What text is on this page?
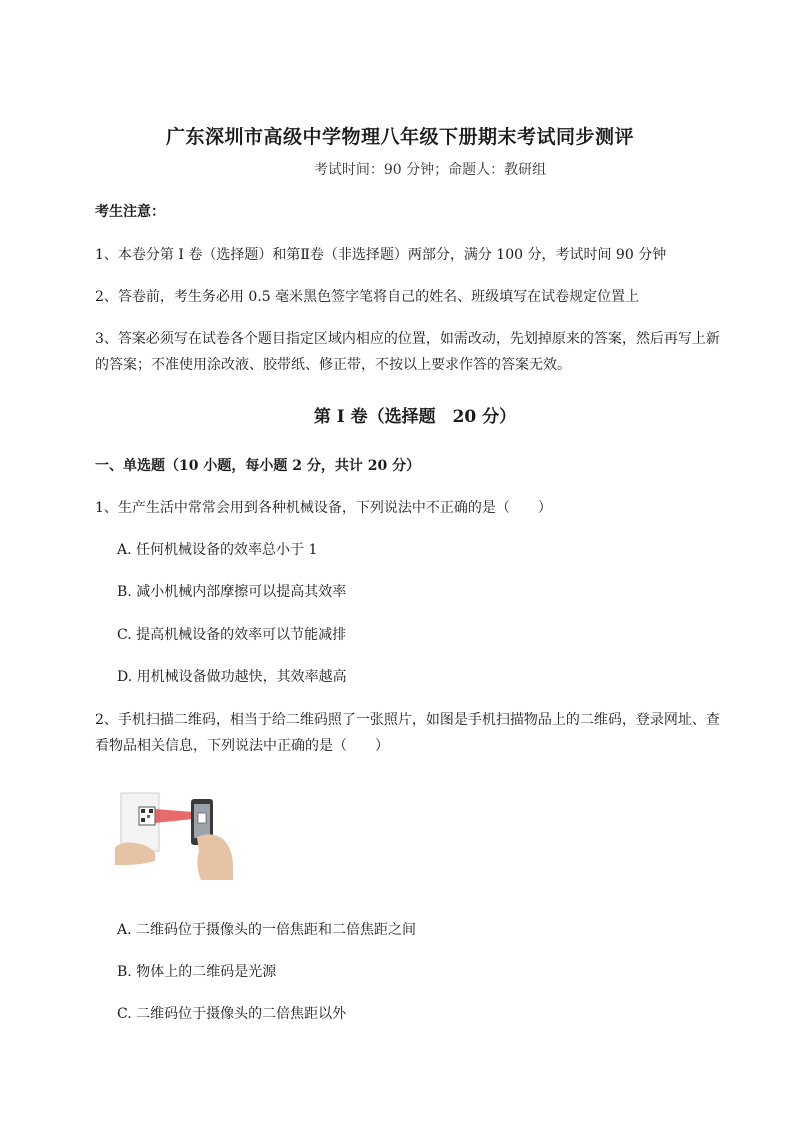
广东深圳市高级中学物理八年级下册期末考试同步测评
考试时间：90 分钟；命题人：教研组
考生注意：
1、本卷分第 I 卷（选择题）和第Ⅱ卷（非选择题）两部分，满分 100 分，考试时间 90 分钟
2、答卷前，考生务必用 0.5 毫米黑色签字笔将自己的姓名、班级填写在试卷规定位置上
3、答案必须写在试卷各个题目指定区域内相应的位置，如需改动，先划掉原来的答案，然后再写上新
的答案；不准使用涂改液、胶带纸、修正带，不按以上要求作答的答案无效。
第 I 卷（选择题　20 分）
一、单选题（10 小题，每小题 2 分，共计 20 分）
1、生产生活中常常会用到各种机械设备，下列说法中不正确的是（　　）
A. 任何机械设备的效率总小于 1
B. 减小机械内部摩擦可以提高其效率
C. 提高机械设备的效率可以节能减排
D. 用机械设备做功越快，其效率越高
2、手机扫描二维码，相当于给二维码照了一张照片，如图是手机扫描物品上的二维码，登录网址、查
看物品相关信息，下列说法中正确的是（　　）
A. 二维码位于摄像头的一倍焦距和二倍焦距之间
B. 物体上的二维码是光源
C. 二维码位于摄像头的二倍焦距以外
